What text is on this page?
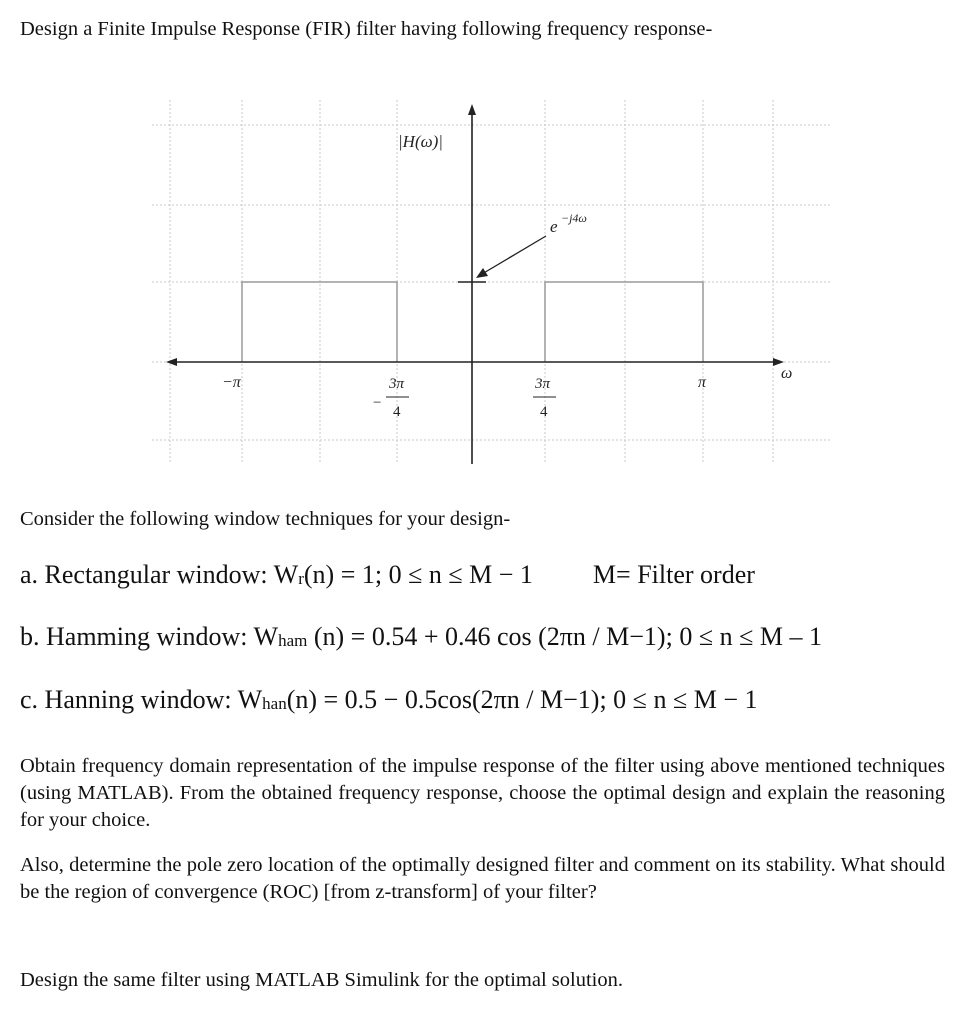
Design a Finite Impulse Response (FIR) filter having following frequency response-
|H(ω)|
e −j4ω
ω
−π
−
3π
4
3π
4
π
Consider the following window techniques for your design-
a. Rectangular window: $W_r(n) = 1$; 0 ≤ n ≤ M − 1 M= Filter order
b. Hamming window: $W_{ham}$ (n) = 0.54 + 0.46 cos (2πn / M−1); 0 ≤ n ≤ M – 1
c. Hanning window: $W_{han}(n) = 0.5 - 0.5\cos(2\pi n / M-1)$; 0 ≤ n ≤ M − 1
Obtain frequency domain representation of the impulse response of the filter using above mentioned techniques (using MATLAB). From the obtained frequency response, choose the optimal design and explain the reasoning for your choice.
Also, determine the pole zero location of the optimally designed filter and comment on its stability. What should be the region of convergence (ROC) [from z-transform] of your filter?
Design the same filter using MATLAB Simulink for the optimal solution.
